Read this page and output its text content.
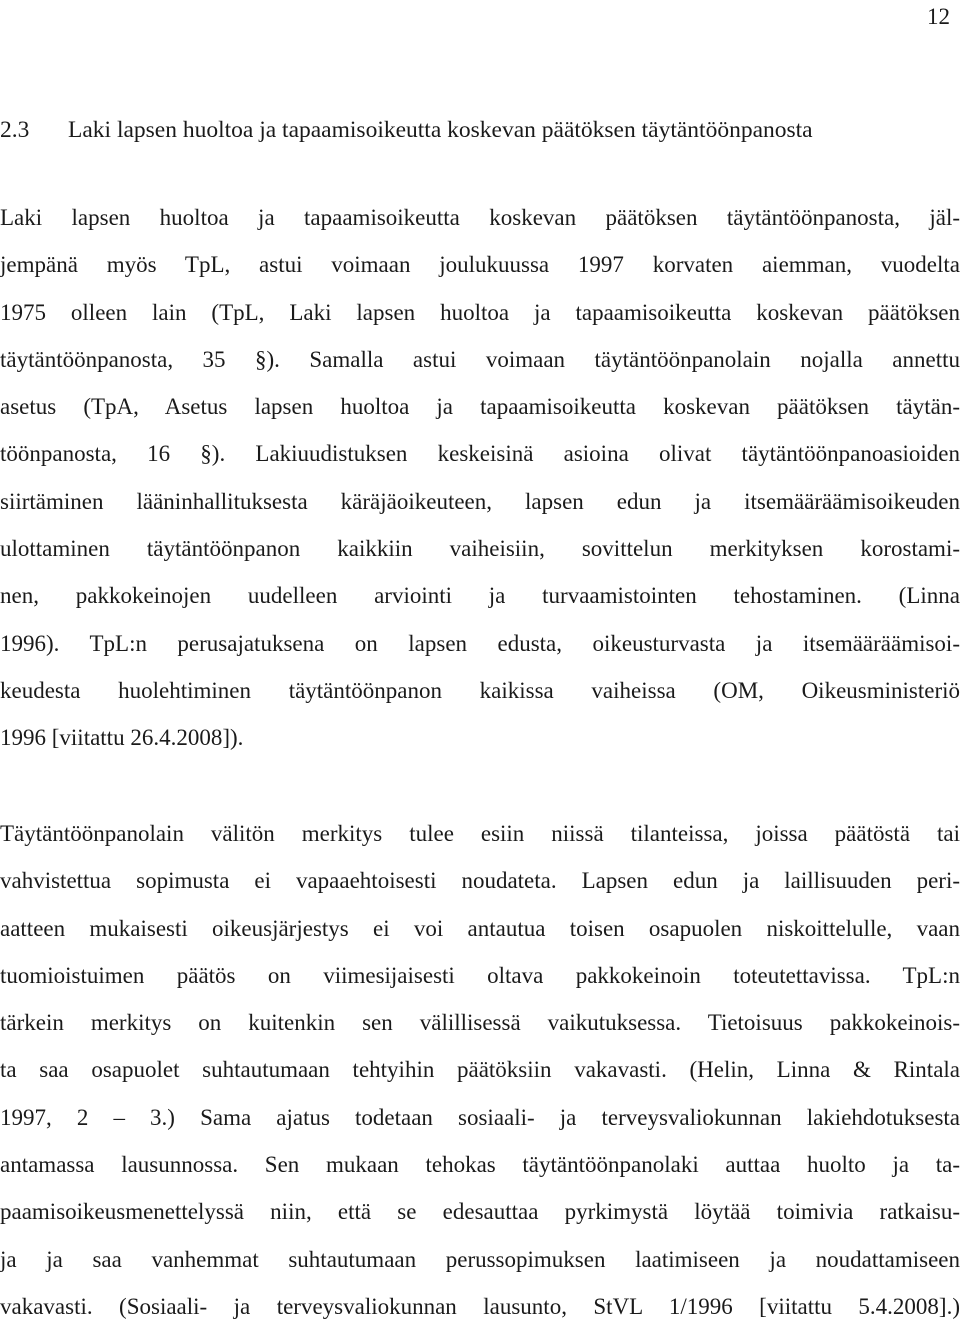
12
2.3 Laki lapsen huoltoa ja tapaamisoikeutta koskevan päätöksen täytäntöönpanosta
Laki lapsen huoltoa ja tapaamisoikeutta koskevan päätöksen täytäntöönpanosta, jäl-
jempänä myös TpL, astui voimaan joulukuussa 1997 korvaten aiemman, vuodelta
1975 olleen lain (TpL, Laki lapsen huoltoa ja tapaamisoikeutta koskevan päätöksen
täytäntöönpanosta, 35 §). Samalla astui voimaan täytäntöönpanolain nojalla annettu
asetus (TpA, Asetus lapsen huoltoa ja tapaamisoikeutta koskevan päätöksen täytän-
töönpanosta, 16 §). Lakiuudistuksen keskeisinä asioina olivat täytäntöönpanoasioiden
siirtäminen lääninhallituksesta käräjäoikeuteen, lapsen edun ja itsemääräämisoikeuden
ulottaminen täytäntöönpanon kaikkiin vaiheisiin, sovittelun merkityksen korostami-
nen, pakkokeinojen uudelleen arviointi ja turvaamistointen tehostaminen. (Linna
1996). TpL:n perusajatuksena on lapsen edusta, oikeusturvasta ja itsemääräämisoi-
keudesta huolehtiminen täytäntöönpanon kaikissa vaiheissa (OM, Oikeusministeriö
1996 [viitattu 26.4.2008]).
Täytäntöönpanolain välitön merkitys tulee esiin niissä tilanteissa, joissa päätöstä tai
vahvistettua sopimusta ei vapaaehtoisesti noudateta. Lapsen edun ja laillisuuden peri-
aatteen mukaisesti oikeusjärjestys ei voi antautua toisen osapuolen niskoittelulle, vaan
tuomioistuimen päätös on viimesijaisesti oltava pakkokeinoin toteutettavissa. TpL:n
tärkein merkitys on kuitenkin sen välillisessä vaikutuksessa. Tietoisuus pakkokeinois-
ta saa osapuolet suhtautumaan tehtyihin päätöksiin vakavasti. (Helin, Linna & Rintala
1997, 2 – 3.) Sama ajatus todetaan sosiaali- ja terveysvaliokunnan lakiehdotuksesta
antamassa lausunnossa. Sen mukaan tehokas täytäntöönpanolaki auttaa huolto ja ta-
paamisoikeusmenettelyssä niin, että se edesauttaa pyrkimystä löytää toimivia ratkaisu-
ja ja saa vanhemmat suhtautumaan perussopimuksen laatimiseen ja noudattamiseen
vakavasti. (Sosiaali- ja terveysvaliokunnan lausunto, StVL 1/1996 [viitattu 5.4.2008].)
